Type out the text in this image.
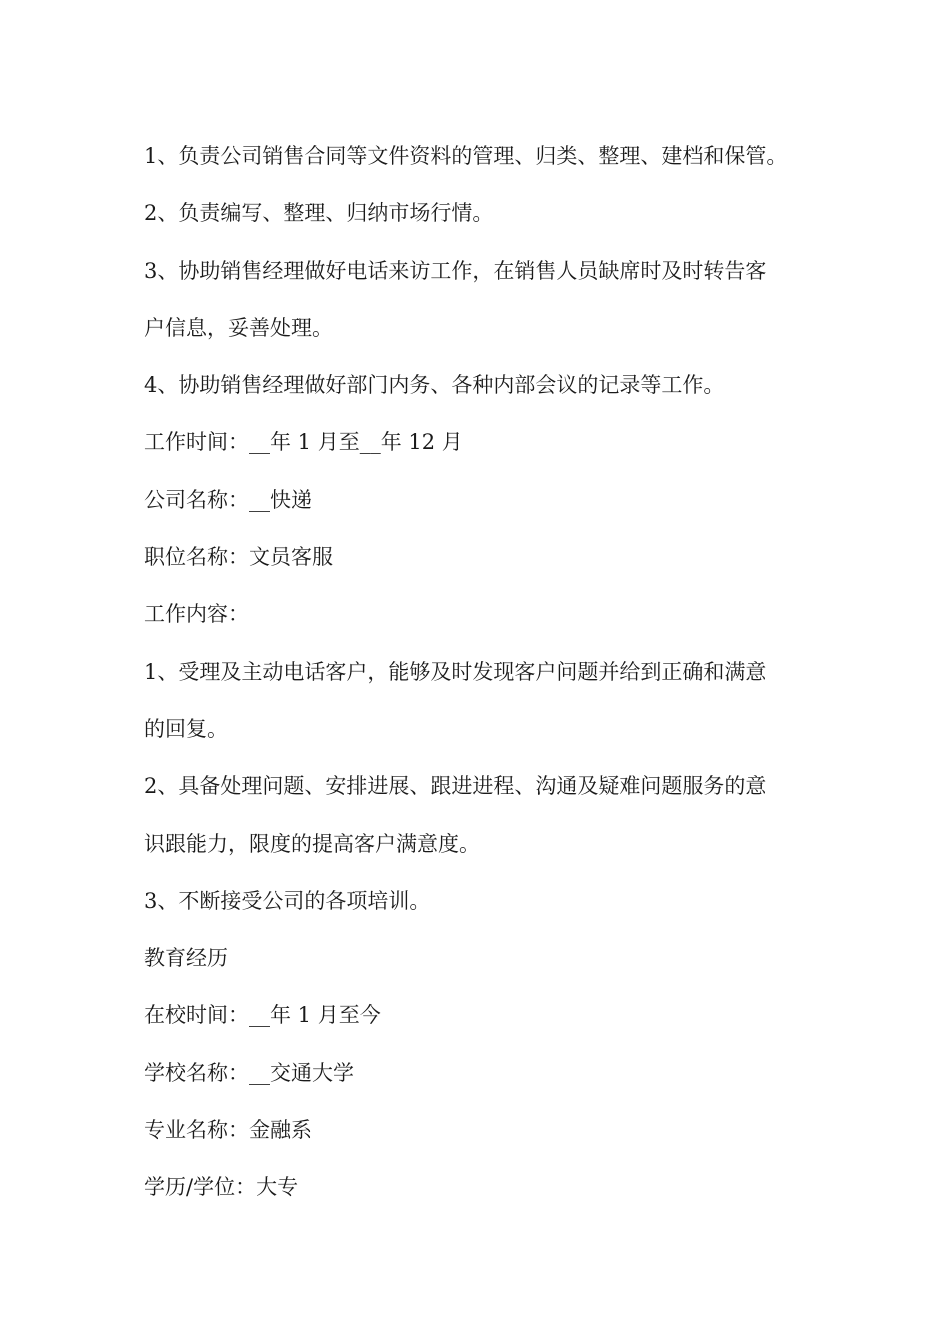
1、负责公司销售合同等文件资料的管理、归类、整理、建档和保管。
2、负责编写、整理、归纳市场行情。
3、协助销售经理做好电话来访工作，在销售人员缺席时及时转告客
户信息，妥善处理。
4、协助销售经理做好部门内务、各种内部会议的记录等工作。
工作时间：__年 1 月至__年 12 月
公司名称：__快递
职位名称：文员客服
工作内容：
1、受理及主动电话客户，能够及时发现客户问题并给到正确和满意
的回复。
2、具备处理问题、安排进展、跟进进程、沟通及疑难问题服务的意
识跟能力，限度的提高客户满意度。
3、不断接受公司的各项培训。
教育经历
在校时间：__年 1 月至今
学校名称：__交通大学
专业名称：金融系
学历/学位：大专
